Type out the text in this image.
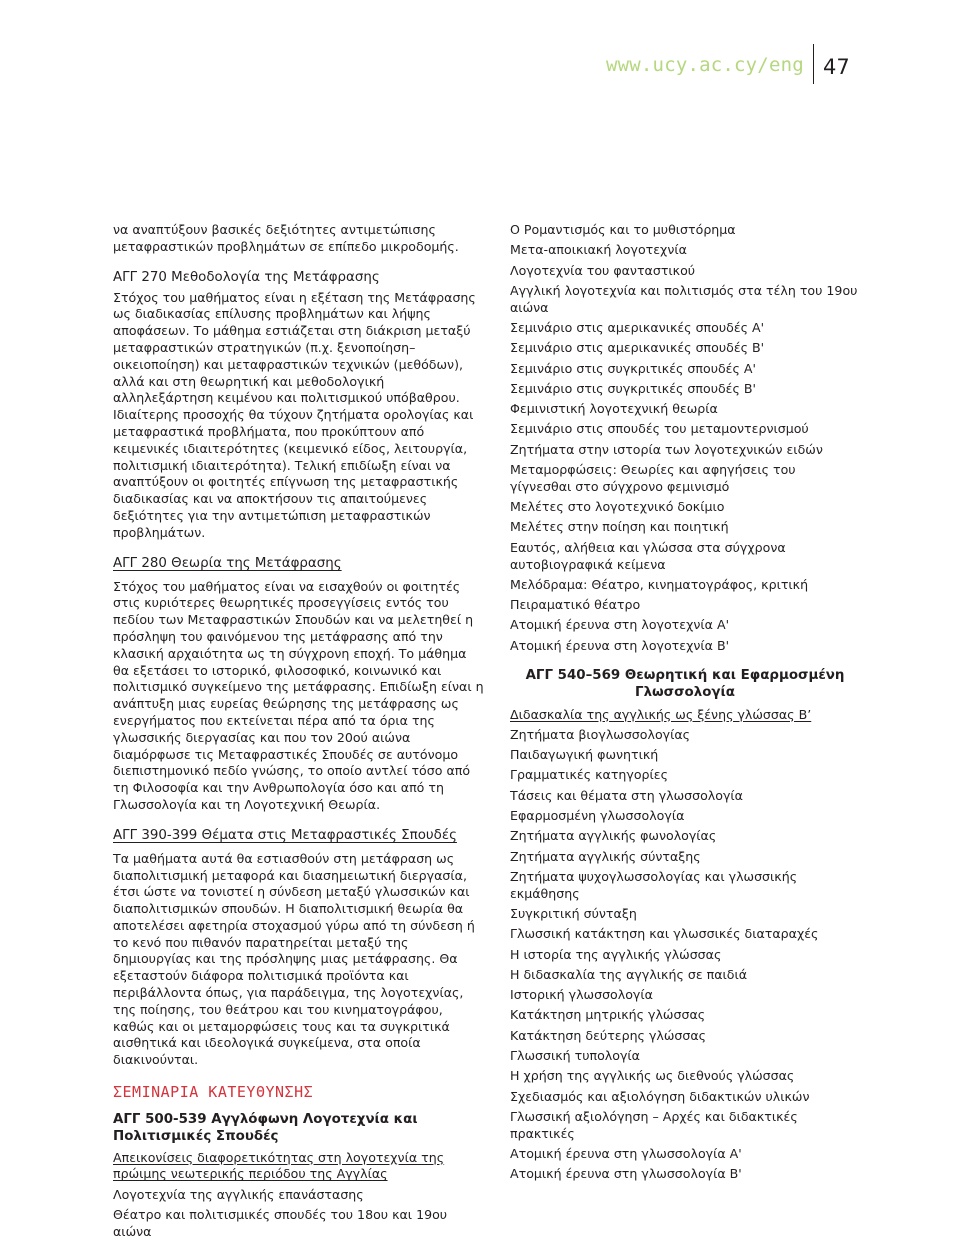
www.ucy.ac.cy/eng 47

να αναπτύξουν βασικές δεξιότητες αντιμετώπισης μεταφραστικών προβλημάτων σε επίπεδο μικροδομής.

ΑΓΓ 270 Μεθοδολογία της Μετάφρασης

Στόχος του μαθήματος είναι η εξέταση της Μετάφρασης ως διαδικασίας επίλυσης προβλημάτων και λήψης αποφάσεων. Το μάθημα εστιάζεται στη διάκριση μεταξύ μεταφραστικών στρατηγικών (π.χ. ξενοποίηση–οικειοποίηση) και μεταφραστικών τεχνικών (μεθόδων), αλλά και στη θεωρητική και μεθοδολογική αλληλεξάρτηση κειμένου και πολιτισμικού υπόβαθρου. Ιδιαίτερης προσοχής θα τύχουν ζητήματα ορολογίας και μεταφραστικά προβλήματα, που προκύπτουν από κειμενικές ιδιαιτερότητες (κειμενικό είδος, λειτουργία, πολιτισμική ιδιαιτερότητα). Τελική επιδίωξη είναι να αναπτύξουν οι φοιτητές επίγνωση της μεταφραστικής διαδικασίας και να αποκτήσουν τις απαιτούμενες δεξιότητες για την αντιμετώπιση μεταφραστικών προβλημάτων.

ΑΓΓ 280 Θεωρία της Μετάφρασης

Στόχος του μαθήματος είναι να εισαχθούν οι φοιτητές στις κυριότερες θεωρητικές προσεγγίσεις εντός του πεδίου των Μεταφραστικών Σπουδών και να μελετηθεί η πρόσληψη του φαινόμενου της μετάφρασης από την κλασική αρχαιότητα ως τη σύγχρονη εποχή. Το μάθημα θα εξετάσει το ιστορικό, φιλοσοφικό, κοινωνικό και πολιτισμικό συγκείμενο της μετάφρασης. Επιδίωξη είναι η ανάπτυξη μιας ευρείας θεώρησης της μετάφρασης ως ενεργήματος που εκτείνεται πέρα από τα όρια της γλωσσικής διεργασίας και που τον 20ού αιώνα διαμόρφωσε τις Μεταφραστικές Σπουδές σε αυτόνομο διεπιστημονικό πεδίο γνώσης, το οποίο αντλεί τόσο από τη Φιλοσοφία και την Ανθρωπολογία όσο και από τη Γλωσσολογία και τη Λογοτεχνική Θεωρία.

ΑΓΓ 390-399 Θέματα στις Μεταφραστικές Σπουδές

Τα μαθήματα αυτά θα εστιασθούν στη μετάφραση ως διαπολιτισμική μεταφορά και διασημειωτική διεργασία, έτσι ώστε να τονιστεί η σύνδεση μεταξύ γλωσσικών και διαπολιτισμικών σπουδών. Η διαπολιτισμική θεωρία θα αποτελέσει αφετηρία στοχασμού γύρω από τη σύνδεση ή το κενό που πιθανόν παρατηρείται μεταξύ της δημιουργίας και της πρόσληψης μιας μετάφρασης. Θα εξεταστούν διάφορα πολιτισμικά προϊόντα και περιβάλλοντα όπως, για παράδειγμα, της λογοτεχνίας, της ποίησης, του θεάτρου και του κινηματογράφου, καθώς και οι μεταμορφώσεις τους και τα συγκριτικά αισθητικά και ιδεολογικά συγκείμενα, στα οποία διακινούνται.

ΣΕΜΙΝΑΡΙΑ ΚΑΤΕΥΘΥΝΣΗΣ
ΑΓΓ 500-539 Αγγλόφωνη Λογοτεχνία και Πολιτισμικές Σπουδές

Απεικονίσεις διαφορετικότητας στη λογοτεχνία της πρώιμης νεωτερικής περιόδου της Αγγλίας

Λογοτεχνία της αγγλικής επανάστασης

Θέατρο και πολιτισμικές σπουδές του 18ου και 19ου αιώνα

Ο Ρομαντισμός και το μυθιστόρημα

Μετα-αποικιακή λογοτεχνία

Λογοτεχνία του φανταστικού

Αγγλική λογοτεχνία και πολιτισμός στα τέλη του 19ου αιώνα

Σεμινάριο στις αμερικανικές σπουδές Α'

Σεμινάριο στις αμερικανικές σπουδές Β'

Σεμινάριο στις συγκριτικές σπουδές Α'

Σεμινάριο στις συγκριτικές σπουδές Β'

Φεμινιστική λογοτεχνική θεωρία

Σεμινάριο στις σπουδές του μεταμοντερνισμού

Ζητήματα στην ιστορία των λογοτεχνικών ειδών

Μεταμορφώσεις: Θεωρίες και αφηγήσεις του γίγνεσθαι στο σύγχρονο φεμινισμό

Μελέτες στο λογοτεχνικό δοκίμιο

Μελέτες στην ποίηση και ποιητική

Εαυτός, αλήθεια και γλώσσα στα σύγχρονα αυτοβιογραφικά κείμενα

Μελόδραμα: Θέατρο, κινηματογράφος, κριτική

Πειραματικό θέατρο

Ατομική έρευνα στη λογοτεχνία Α'

Ατομική έρευνα στη λογοτεχνία Β'

ΑΓΓ 540–569 Θεωρητική και Εφαρμοσμένη Γλωσσολογία

Διδασκαλία της αγγλικής ως ξένης γλώσσας Β’

Ζητήματα βιογλωσσολογίας

Παιδαγωγική φωνητική

Γραμματικές κατηγορίες

Τάσεις και θέματα στη γλωσσολογία

Εφαρμοσμένη γλωσσολογία

Ζητήματα αγγλικής φωνολογίας

Ζητήματα αγγλικής σύνταξης

Ζητήματα ψυχογλωσσολογίας και γλωσσικής εκμάθησης

Συγκριτική σύνταξη

Γλωσσική κατάκτηση και γλωσσικές διαταραχές

Η ιστορία της αγγλικής γλώσσας

Η διδασκαλία της αγγλικής σε παιδιά

Ιστορική γλωσσολογία

Κατάκτηση μητρικής γλώσσας

Κατάκτηση δεύτερης γλώσσας

Γλωσσική τυπολογία

Η χρήση της αγγλικής ως διεθνούς γλώσσας

Σχεδιασμός και αξιολόγηση διδακτικών υλικών

Γλωσσική αξιολόγηση – Αρχές και διδακτικές πρακτικές

Ατομική έρευνα στη γλωσσολογία Α'

Ατομική έρευνα στη γλωσσολογία Β'
